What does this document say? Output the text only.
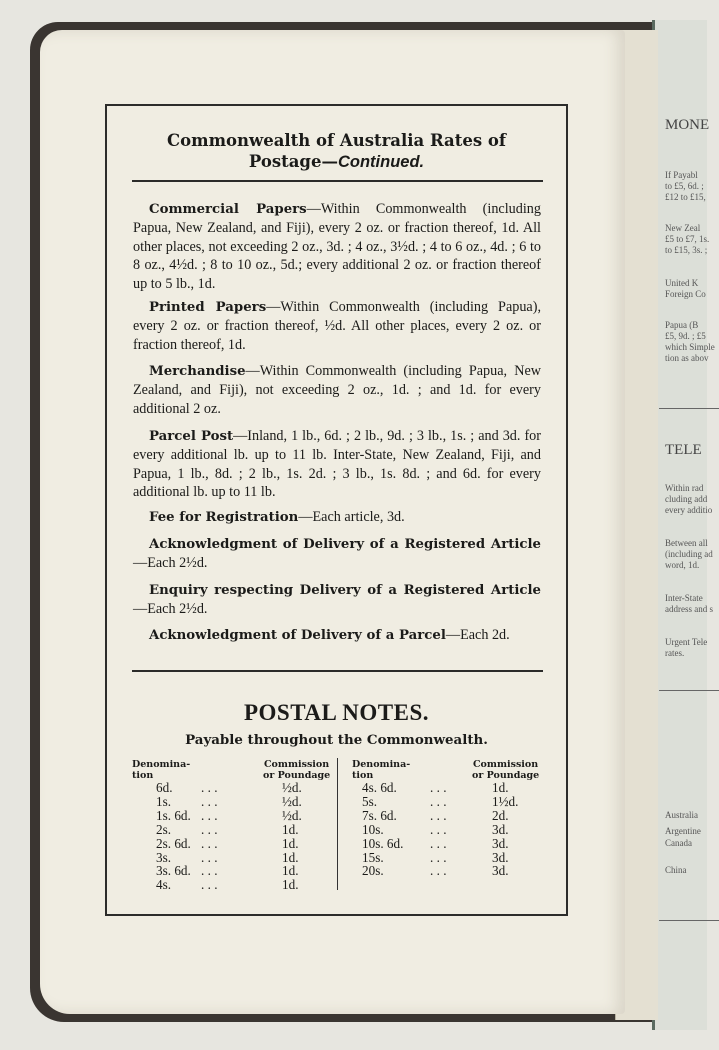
MONE
If Payabl
to £5, 6d. ;
£12 to £15,
New Zeal
£5 to £7, 1s.
to £15, 3s. ;
United K
Foreign Co
Papua (B
£5, 9d. ; £5
which Simple
tion as abov
TELE
Within rad
cluding add
every additio
Between all
(including ad
word, 1d.
Inter-State
address and s
Urgent Tele
rates.
Australia
Argentine
Canada
China
Commonwealth of Australia Rates of
Postage—Continued.
Commercial Papers—Within Commonwealth (including Papua, New Zealand, and Fiji), every 2 oz. or fraction thereof, 1d. All other places, not exceeding 2 oz., 3d. ; 4 oz., 3½d. ; 4 to 6 oz., 4d. ; 6 to 8 oz., 4½d. ; 8 to 10 oz., 5d.; every additional 2 oz. or fraction thereof up to 5 lb., 1d.
Printed Papers—Within Commonwealth (including Papua), every 2 oz. or fraction thereof, ½d. All other places, every 2 oz. or fraction thereof, 1d.
Merchandise—Within Commonwealth (including Papua, New Zealand, and Fiji), not exceeding 2 oz., 1d. ; and 1d. for every additional 2 oz.
Parcel Post—Inland, 1 lb., 6d. ; 2 lb., 9d. ; 3 lb., 1s. ; and 3d. for every additional lb. up to 11 lb. Inter-State, New Zealand, Fiji, and Papua, 1 lb., 8d. ; 2 lb., 1s. 2d. ; 3 lb., 1s. 8d. ; and 6d. for every additional lb. up to 11 lb.
Fee for Registration—Each article, 3d.
Acknowledgment of Delivery of a Registered Article —Each 2½d.
Enquiry respecting Delivery of a Registered Article —Each 2½d.
Acknowledgment of Delivery of a Parcel—Each 2d.
POSTAL NOTES.
Payable throughout the Commonwealth.
Denomina-
tion
Commission
or Poundage
Denomina-
tion
Commission
or Poundage
6d. . . .	½d.
1s. . . .	½d.
1s. 6d. . . .	½d.
2s. . . .	1d.
2s. 6d. . . .	1d.
3s. . . .	1d.
3s. 6d. . . .	1d.
4s. . . .	1d.
4s. 6d.	. . .	1d.
5s.	. . .	1½d.
7s. 6d.	. . .	2d.
10s.	. . .	3d.
10s. 6d. . . .	3d.
15s.	. . .	3d.
20s.	. . .	3d.
